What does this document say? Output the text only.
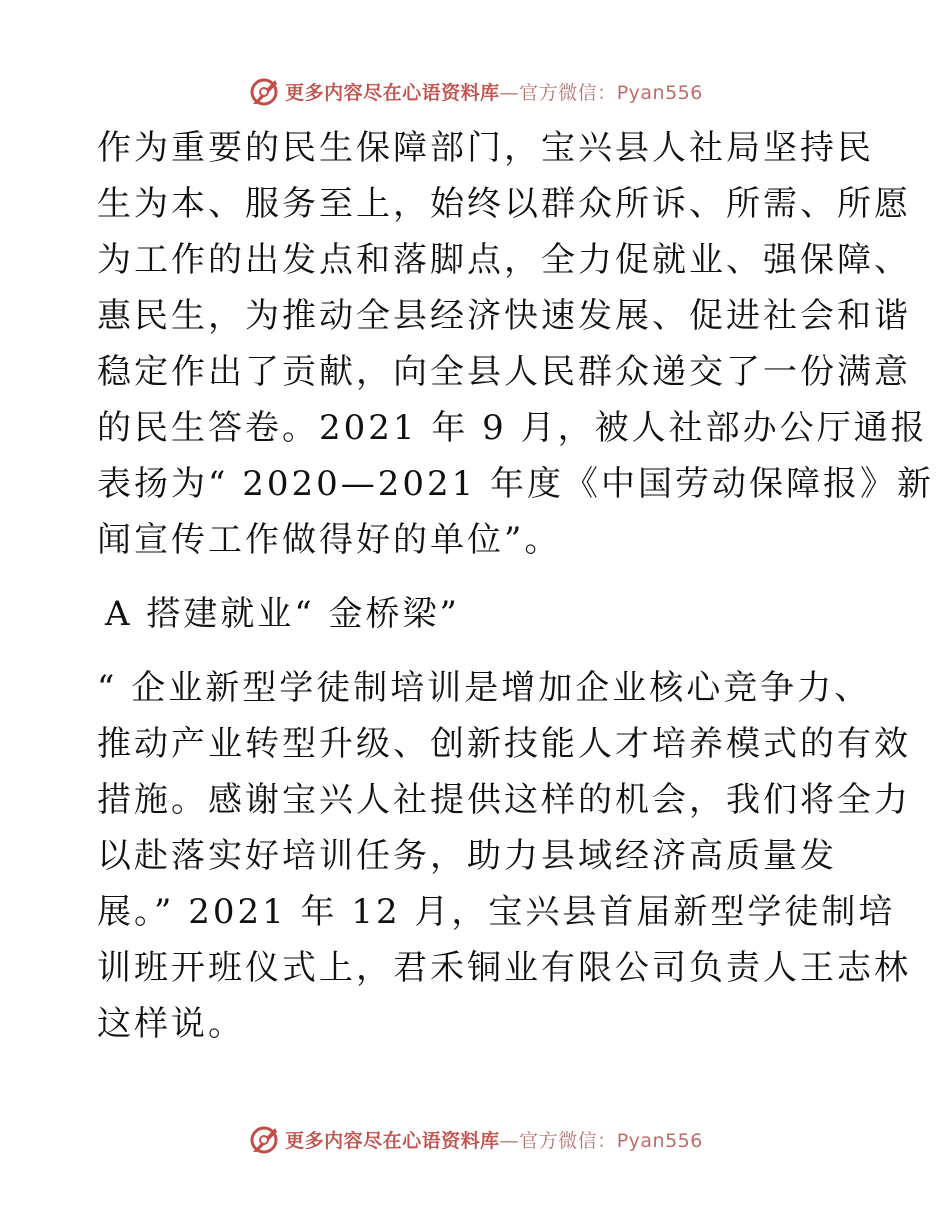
更多内容尽在心语资料库—官方微信：Pyan556
作为重要的民生保障部门，宝兴县人社局坚持民
生为本、服务至上，始终以群众所诉、所需、所愿
为工作的出发点和落脚点，全力促就业、强保障、
惠民生，为推动全县经济快速发展、促进社会和谐
稳定作出了贡献，向全县人民群众递交了一份满意
的民生答卷。2021 年 9 月，被人社部办公厅通报
表扬为“ 2020—2021 年度《中国劳动保障报》新
闻宣传工作做得好的单位”。
A 搭建就业“ 金桥梁”
“ 企业新型学徒制培训是增加企业核心竞争力、
推动产业转型升级、创新技能人才培养模式的有效
措施。感谢宝兴人社提供这样的机会，我们将全力
以赴落实好培训任务，助力县域经济高质量发
展。” 2021 年 12 月，宝兴县首届新型学徒制培
训班开班仪式上，君禾铜业有限公司负责人王志林
这样说。
更多内容尽在心语资料库—官方微信：Pyan556
